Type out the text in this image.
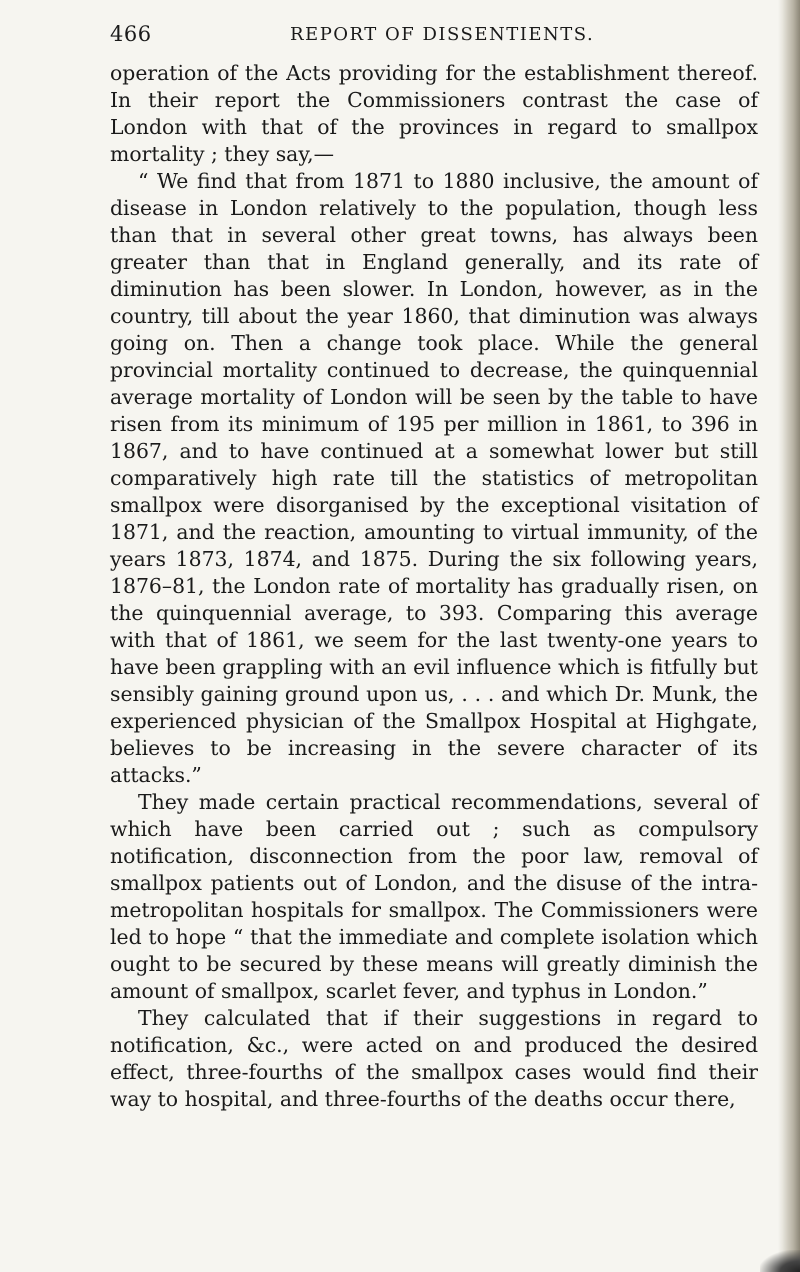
466	REPORT OF DISSENTIENTS.

operation of the Acts providing for the establishment thereof. In their report the Commissioners contrast the case of London with that of the provinces in regard to smallpox mortality ; they say,—

“ We find that from 1871 to 1880 inclusive, the amount of disease in London relatively to the population, though less than that in several other great towns, has always been greater than that in England generally, and its rate of diminution has been slower. In London, however, as in the country, till about the year 1860, that diminution was always going on. Then a change took place. While the general provincial mortality continued to decrease, the quinquennial average mortality of London will be seen by the table to have risen from its minimum of 195 per million in 1861, to 396 in 1867, and to have continued at a somewhat lower but still comparatively high rate till the statistics of metropolitan smallpox were disorganised by the exceptional visitation of 1871, and the reaction, amounting to virtual immunity, of the years 1873, 1874, and 1875. During the six following years, 1876–81, the London rate of mortality has gradually risen, on the quinquennial average, to 393. Comparing this average with that of 1861, we seem for the last twenty-one years to have been grappling with an evil influence which is fitfully but sensibly gaining ground upon us, . . . and which Dr. Munk, the experienced physician of the Smallpox Hospital at Highgate, believes to be increasing in the severe character of its attacks.”

They made certain practical recommendations, several of which have been carried out ; such as compulsory notification, disconnection from the poor law, removal of smallpox patients out of London, and the disuse of the intra-metropolitan hospitals for smallpox. The Commissioners were led to hope “ that the immediate and complete isolation which ought to be secured by these means will greatly diminish the amount of smallpox, scarlet fever, and typhus in London.”

They calculated that if their suggestions in regard to notification, &c., were acted on and produced the desired effect, three-fourths of the smallpox cases would find their way to hospital, and three-fourths of the deaths occur there,
